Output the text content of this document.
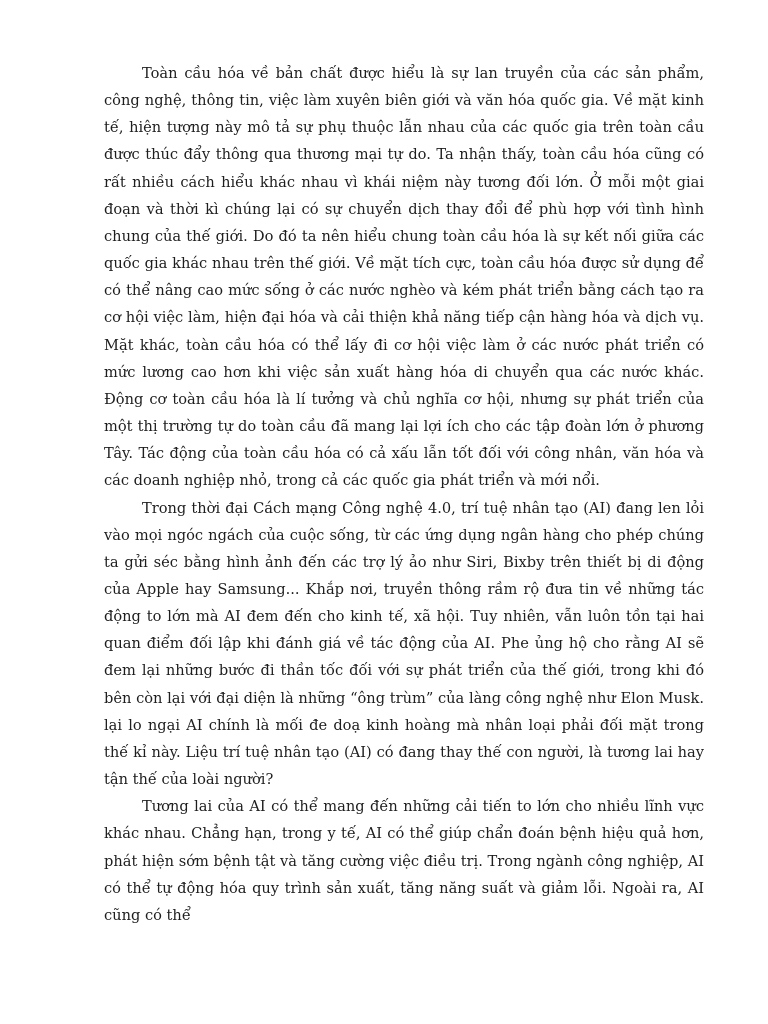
Toàn cầu hóa về bản chất được hiểu là sự lan truyền của các sản phẩm, công nghệ, thông tin, việc làm xuyên biên giới và văn hóa quốc gia. Về mặt kinh tế, hiện tượng này mô tả sự phụ thuộc lẫn nhau của các quốc gia trên toàn cầu được thúc đẩy thông qua thương mại tự do. Ta nhận thấy, toàn cầu hóa cũng có rất nhiều cách hiểu khác nhau vì khái niệm này tương đối lớn. Ở mỗi một giai đoạn và thời kì chúng lại có sự chuyển dịch thay đổi để phù hợp với tình hình chung của thế giới. Do đó ta nên hiểu chung toàn cầu hóa là sự kết nối giữa các quốc gia khác nhau trên thế giới. Về mặt tích cực, toàn cầu hóa được sử dụng để có thể nâng cao mức sống ở các nước nghèo và kém phát triển bằng cách tạo ra cơ hội việc làm, hiện đại hóa và cải thiện khả năng tiếp cận hàng hóa và dịch vụ. Mặt khác, toàn cầu hóa có thể lấy đi cơ hội việc làm ở các nước phát triển có mức lương cao hơn khi việc sản xuất hàng hóa di chuyển qua các nước khác. Động cơ toàn cầu hóa là lí tưởng và chủ nghĩa cơ hội, nhưng sự phát triển của một thị trường tự do toàn cầu đã mang lại lợi ích cho các tập đoàn lớn ở phương Tây. Tác động của toàn cầu hóa có cả xấu lẫn tốt đối với công nhân, văn hóa và các doanh nghiệp nhỏ, trong cả các quốc gia phát triển và mới nổi.

Trong thời đại Cách mạng Công nghệ 4.0, trí tuệ nhân tạo (AI) đang len lỏi vào mọi ngóc ngách của cuộc sống, từ các ứng dụng ngân hàng cho phép chúng ta gửi séc bằng hình ảnh đến các trợ lý ảo như Siri, Bixby trên thiết bị di động của Apple hay Samsung... Khắp nơi, truyền thông rầm rộ đưa tin về những tác động to lớn mà AI đem đến cho kinh tế, xã hội. Tuy nhiên, vẫn luôn tồn tại hai quan điểm đối lập khi đánh giá về tác động của AI. Phe ủng hộ cho rằng AI sẽ đem lại những bước đi thần tốc đối với sự phát triển của thế giới, trong khi đó bên còn lại với đại diện là những “ông trùm” của làng công nghệ như Elon Musk. lại lo ngại AI chính là mối đe doạ kinh hoàng mà nhân loại phải đối mặt trong thế kỉ này. Liệu trí tuệ nhân tạo (AI) có đang thay thế con người, là tương lai hay tận thế của loài người?

Tương lai của AI có thể mang đến những cải tiến to lớn cho nhiều lĩnh vực khác nhau. Chẳng hạn, trong y tế, AI có thể giúp chẩn đoán bệnh hiệu quả hơn, phát hiện sớm bệnh tật và tăng cường việc điều trị. Trong ngành công nghiệp, AI có thể tự động hóa quy trình sản xuất, tăng năng suất và giảm lỗi. Ngoài ra, AI cũng có thể
